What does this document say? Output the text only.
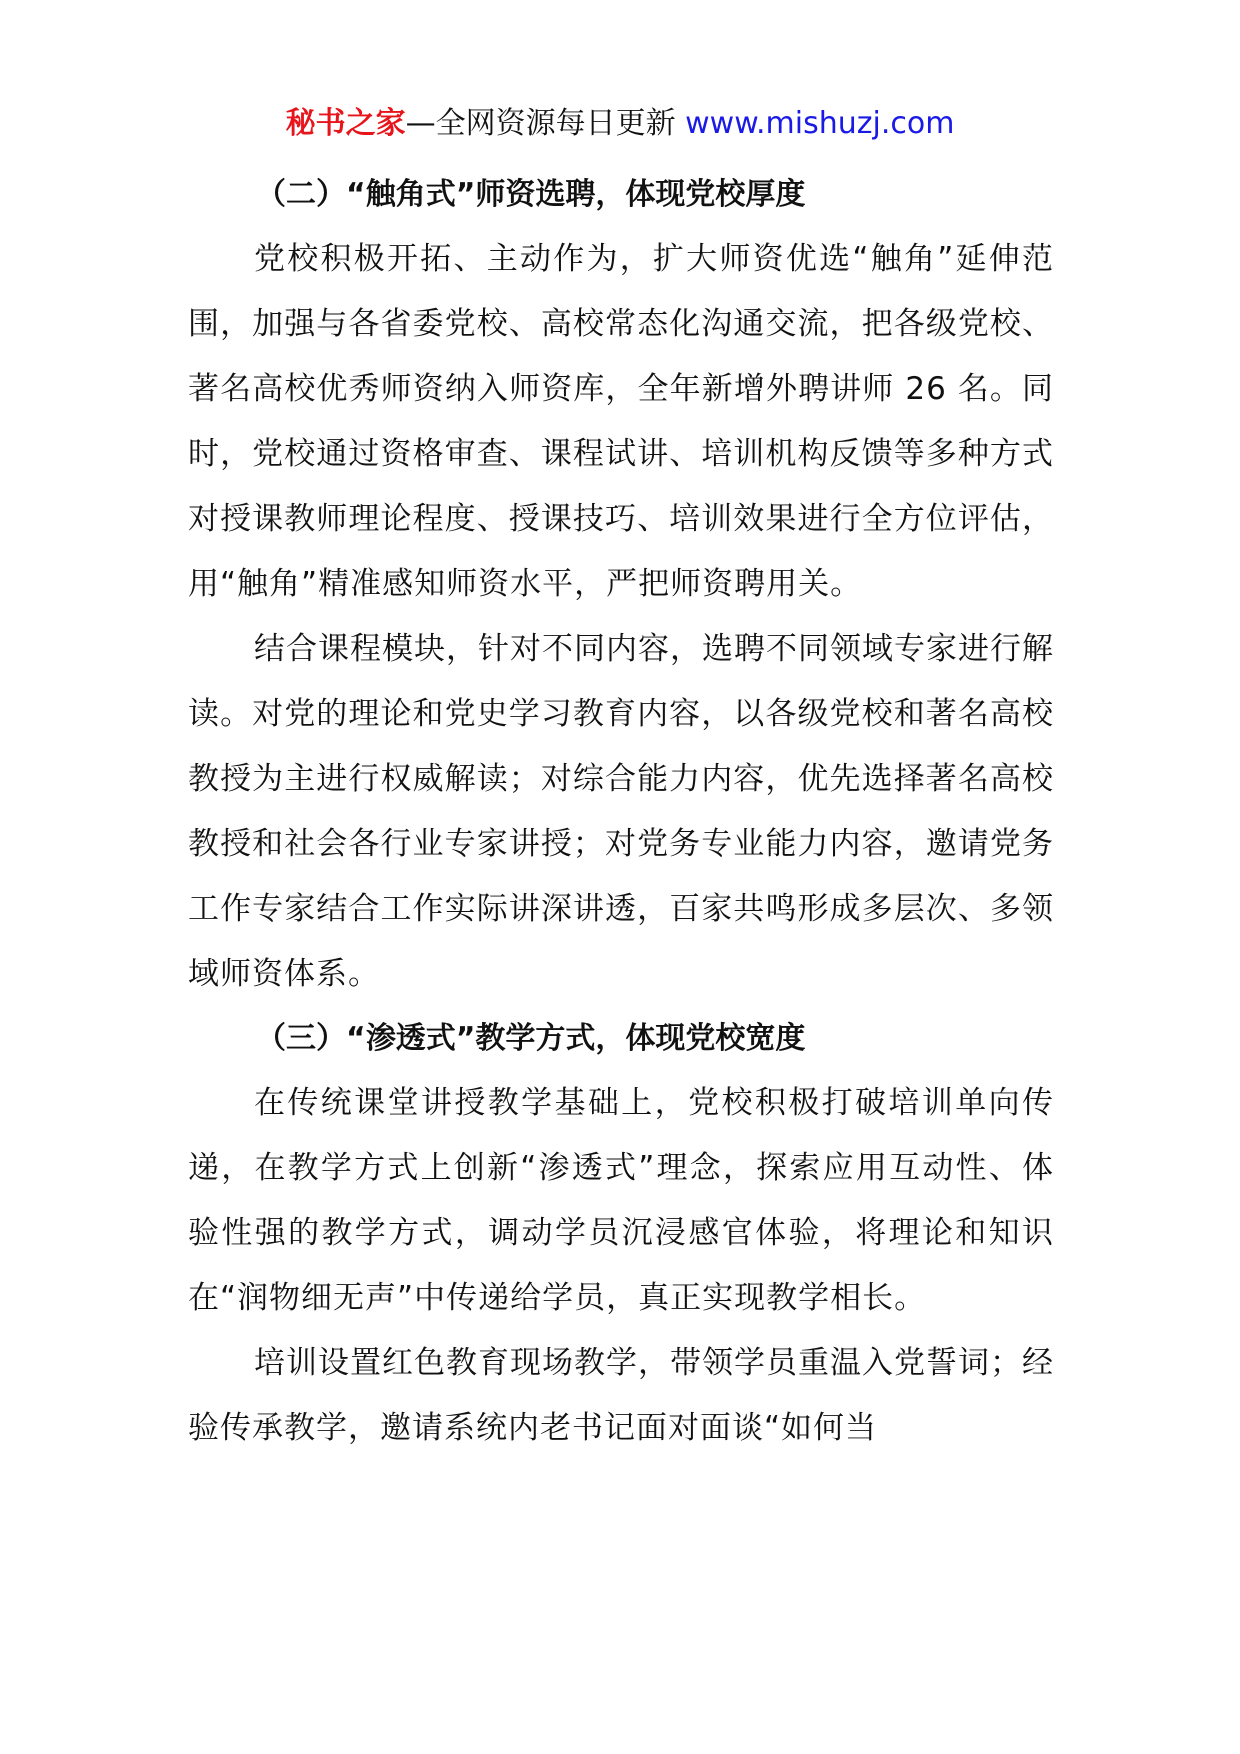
秘书之家—全网资源每日更新 www.mishuzj.com

（二）“触角式”师资选聘，体现党校厚度

党校积极开拓、主动作为，扩大师资优选“触角”延伸范围，加强与各省委党校、高校常态化沟通交流，把各级党校、著名高校优秀师资纳入师资库，全年新增外聘讲师 26 名。同时，党校通过资格审查、课程试讲、培训机构反馈等多种方式对授课教师理论程度、授课技巧、培训效果进行全方位评估，用“触角”精准感知师资水平，严把师资聘用关。

结合课程模块，针对不同内容，选聘不同领域专家进行解读。对党的理论和党史学习教育内容，以各级党校和著名高校教授为主进行权威解读；对综合能力内容，优先选择著名高校教授和社会各行业专家讲授；对党务专业能力内容，邀请党务工作专家结合工作实际讲深讲透，百家共鸣形成多层次、多领域师资体系。

（三）“渗透式”教学方式，体现党校宽度

在传统课堂讲授教学基础上，党校积极打破培训单向传递，在教学方式上创新“渗透式”理念，探索应用互动性、体验性强的教学方式，调动学员沉浸感官体验，将理论和知识在“润物细无声”中传递给学员，真正实现教学相长。

培训设置红色教育现场教学，带领学员重温入党誓词；经验传承教学，邀请系统内老书记面对面谈“如何当
